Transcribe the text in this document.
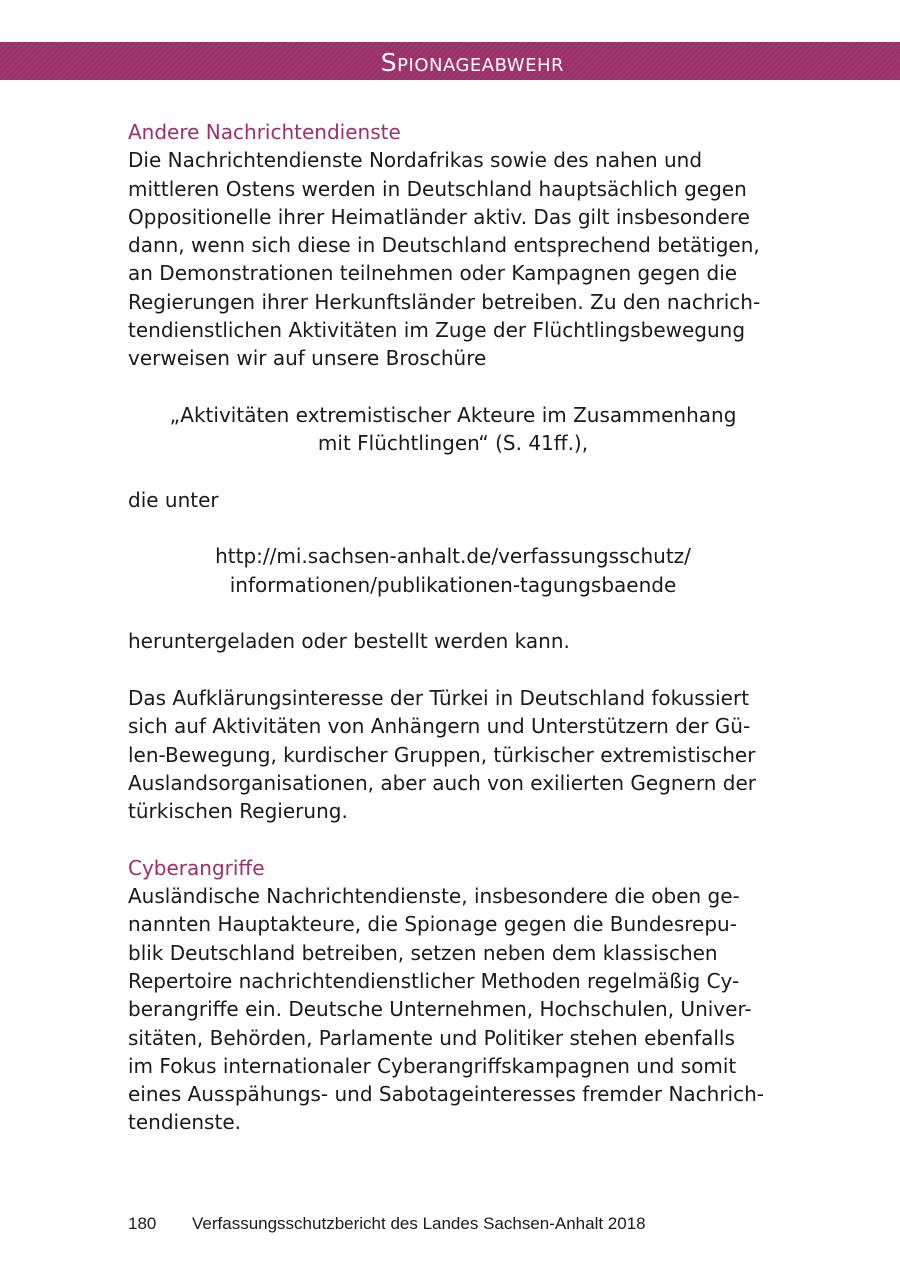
Spionageabwehr

Andere Nachrichtendienste

Die Nachrichtendienste Nordafrikas sowie des nahen und

mittleren Ostens werden in Deutschland hauptsächlich gegen

Oppositionelle ihrer Heimatländer aktiv. Das gilt insbesondere

dann, wenn sich diese in Deutschland entsprechend betätigen,

an Demonstrationen teilnehmen oder Kampagnen gegen die

Regierungen ihrer Herkunftsländer betreiben. Zu den nachrich-

tendienstlichen Aktivitäten im Zuge der Flüchtlingsbewegung

verweisen wir auf unsere Broschüre

„Aktivitäten extremistischer Akteure im Zusammenhang

mit Flüchtlingen“ (S. 41ff.),

die unter

http://mi.sachsen-anhalt.de/verfassungsschutz/

informationen/publikationen-tagungsbaende

heruntergeladen oder bestellt werden kann.

Das Aufklärungsinteresse der Türkei in Deutschland fokussiert

sich auf Aktivitäten von Anhängern und Unterstützern der Gü-

len-Bewegung, kurdischer Gruppen, türkischer extremistischer

Auslandsorganisationen, aber auch von exilierten Gegnern der

türkischen Regierung.

Cyberangriffe

Ausländische Nachrichtendienste, insbesondere die oben ge-

nannten Hauptakteure, die Spionage gegen die Bundesrepu-

blik Deutschland betreiben, setzen neben dem klassischen

Repertoire nachrichtendienstlicher Methoden regelmäßig Cy-

berangriffe ein. Deutsche Unternehmen, Hochschulen, Univer-

sitäten, Behörden, Parlamente und Politiker stehen ebenfalls

im Fokus internationaler Cyberangriffskampagnen und somit

eines Ausspähungs- und Sabotageinteresses fremder Nachrich-

tendienste.

180 Verfassungsschutzbericht des Landes Sachsen-Anhalt 2018
